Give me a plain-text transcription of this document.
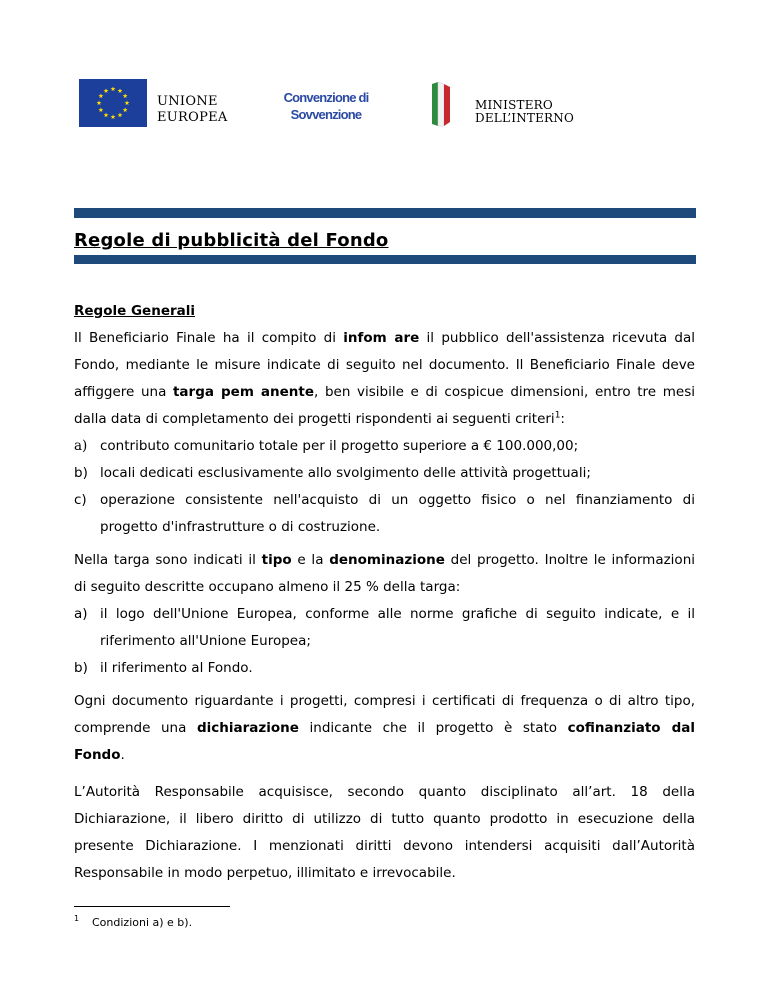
UNIONE
EUROPEA
Convenzione di
Sovvenzione
MINISTERO
DELL’INTERNO
Regole di pubblicità del Fondo
Regole Generali
Il Beneficiario Finale ha il compito di infom are il pubblico dell'assistenza ricevuta dal
Fondo, mediante le misure indicate di seguito nel documento. Il Beneficiario Finale deve
affiggere una targa pem anente, ben visibile e di cospicue dimensioni, entro tre mesi
dalla data di completamento dei progetti rispondenti ai seguenti criteri$^1$:
a) contributo comunitario totale per il progetto superiore a € 100.000,00;
b) locali dedicati esclusivamente allo svolgimento delle attività progettuali;
c) operazione consistente nell'acquisto di un oggetto fisico o nel finanziamento di
progetto d'infrastrutture o di costruzione.
Nella targa sono indicati il tipo e la denominazione del progetto. Inoltre le informazioni
di seguito descritte occupano almeno il 25 % della targa:
a) il logo dell'Unione Europea, conforme alle norme grafiche di seguito indicate, e il
riferimento all'Unione Europea;
b) il riferimento al Fondo.
Ogni documento riguardante i progetti, compresi i certificati di frequenza o di altro tipo,
comprende una dichiarazione indicante che il progetto è stato cofinanziato dal
Fondo.
L’Autorità Responsabile acquisisce, secondo quanto disciplinato all’art. 18 della
Dichiarazione, il libero diritto di utilizzo di tutto quanto prodotto in esecuzione della
presente Dichiarazione. I menzionati diritti devono intendersi acquisiti dall’Autorità
Responsabile in modo perpetuo, illimitato e irrevocabile.
1 Condizioni a) e b).
